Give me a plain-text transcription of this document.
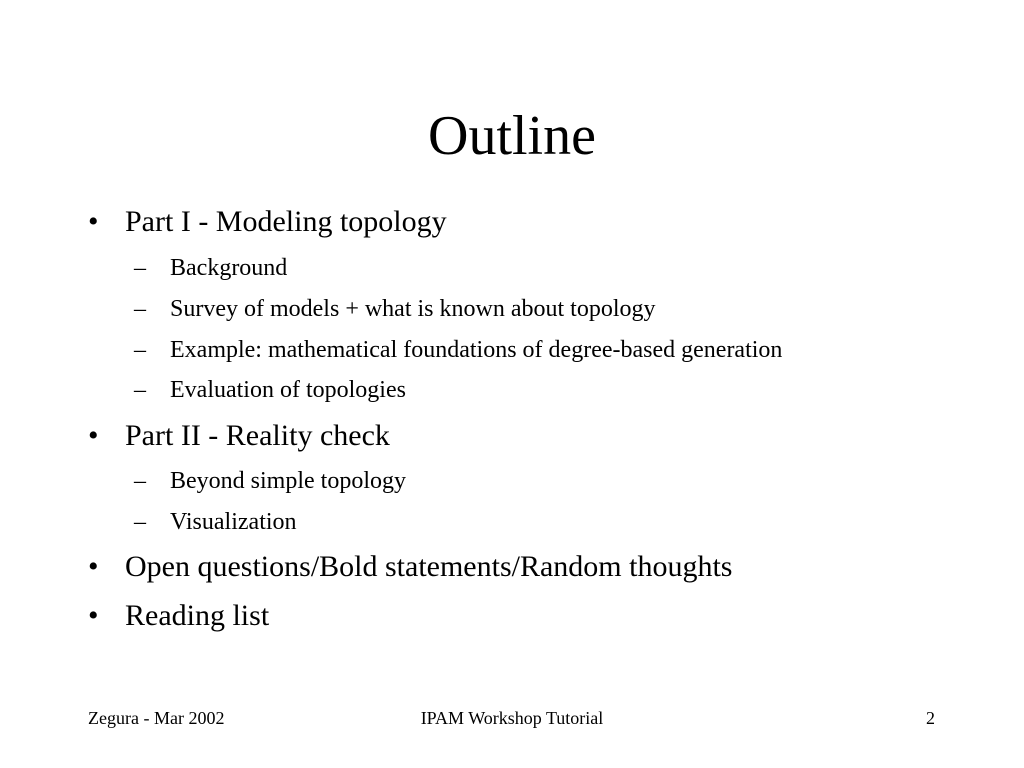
Outline
• Part I - Modeling topology
– Background
– Survey of models + what is known about topology
– Example: mathematical foundations of degree-based generation
– Evaluation of topologies
• Part II - Reality check
– Beyond simple topology
– Visualization
• Open questions/Bold statements/Random thoughts
• Reading list
Zegura - Mar 2002	IPAM Workshop Tutorial	2
